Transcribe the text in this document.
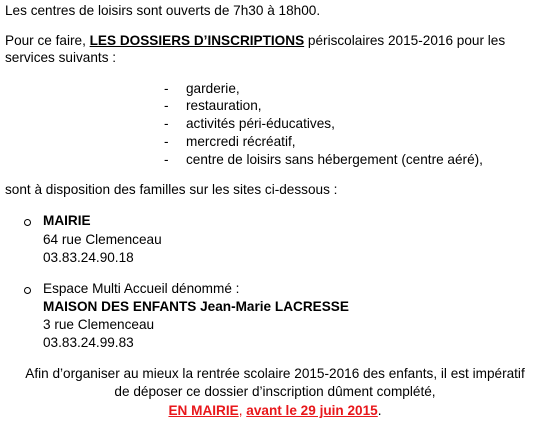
Les centres de loisirs sont ouverts de 7h30 à 18h00.
Pour ce faire, LES DOSSIERS D’INSCRIPTIONS périscolaires 2015-2016 pour les
services suivants :
- garderie,
- restauration,
- activités péri-éducatives,
- mercredi récréatif,
- centre de loisirs sans hébergement (centre aéré),
sont à disposition des familles sur les sites ci-dessous :
MAIRIE
64 rue Clemenceau
03.83.24.90.18
Espace Multi Accueil dénommé :
MAISON DES ENFANTS Jean-Marie LACRESSE
3 rue Clemenceau
03.83.24.99.83
Afin d’organiser au mieux la rentrée scolaire 2015-2016 des enfants, il est impératif
de déposer ce dossier d’inscription dûment complété,
EN MAIRIE, avant le 29 juin 2015.
